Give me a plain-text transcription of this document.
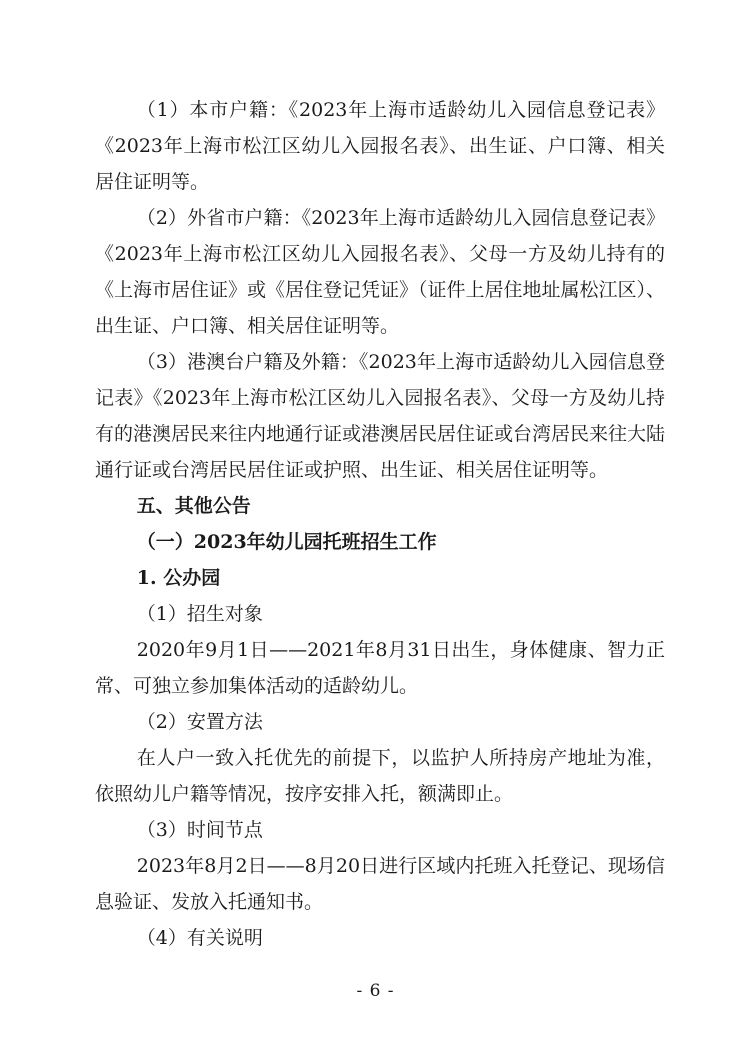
（1）本市户籍：《2023年上海市适龄幼儿入园信息登记表》《2023年上海市松江区幼儿入园报名表》、出生证、户口簿、相关居住证明等。

（2）外省市户籍：《2023年上海市适龄幼儿入园信息登记表》《2023年上海市松江区幼儿入园报名表》、父母一方及幼儿持有的《上海市居住证》或《居住登记凭证》（证件上居住地址属松江区）、出生证、户口簿、相关居住证明等。

（3）港澳台户籍及外籍：《2023年上海市适龄幼儿入园信息登记表》《2023年上海市松江区幼儿入园报名表》、父母一方及幼儿持有的港澳居民来往内地通行证或港澳居民居住证或台湾居民来往大陆通行证或台湾居民居住证或护照、出生证、相关居住证明等。

五、其他公告

（一）2023年幼儿园托班招生工作

1. 公办园

（1）招生对象

2020年9月1日——2021年8月31日出生，身体健康、智力正常、可独立参加集体活动的适龄幼儿。

（2）安置方法

在人户一致入托优先的前提下，以监护人所持房产地址为准，依照幼儿户籍等情况，按序安排入托，额满即止。

（3）时间节点

2023年8月2日——8月20日进行区域内托班入托登记、现场信息验证、发放入托通知书。

（4）有关说明

- 6 -
